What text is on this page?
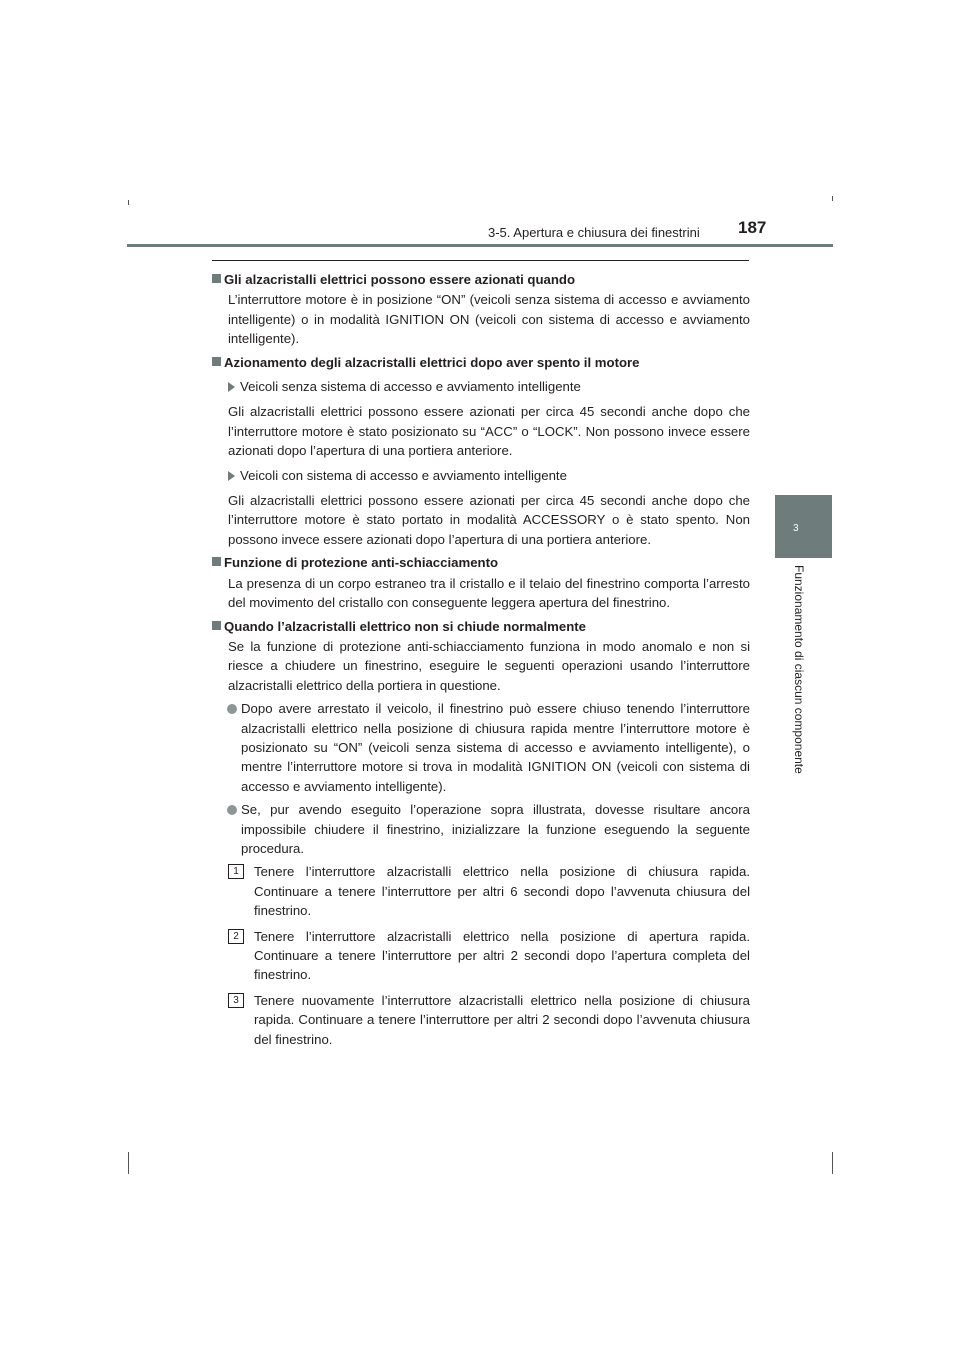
3-5. Apertura e chiusura dei finestrini 187
3
Funzionamento di ciascun componente
Gli alzacristalli elettrici possono essere azionati quando
L’interruttore motore è in posizione “ON” (veicoli senza sistema di accesso e avviamento intelligente) o in modalità IGNITION ON (veicoli con sistema di accesso e avviamento intelligente).
Azionamento degli alzacristalli elettrici dopo aver spento il motore
Veicoli senza sistema di accesso e avviamento intelligente
Gli alzacristalli elettrici possono essere azionati per circa 45 secondi anche dopo che l’interruttore motore è stato posizionato su “ACC” o “LOCK”. Non possono invece essere azionati dopo l’apertura di una portiera anteriore.
Veicoli con sistema di accesso e avviamento intelligente
Gli alzacristalli elettrici possono essere azionati per circa 45 secondi anche dopo che l’interruttore motore è stato portato in modalità ACCESSORY o è stato spento. Non possono invece essere azionati dopo l’apertura di una portiera anteriore.
Funzione di protezione anti-schiacciamento
La presenza di un corpo estraneo tra il cristallo e il telaio del finestrino comporta l’arresto del movimento del cristallo con conseguente leggera apertura del finestrino.
Quando l’alzacristalli elettrico non si chiude normalmente
Se la funzione di protezione anti-schiacciamento funziona in modo anomalo e non si riesce a chiudere un finestrino, eseguire le seguenti operazioni usando l’interruttore alzacristalli elettrico della portiera in questione.
Dopo avere arrestato il veicolo, il finestrino può essere chiuso tenendo l’interruttore alzacristalli elettrico nella posizione di chiusura rapida mentre l’interruttore motore è posizionato su “ON” (veicoli senza sistema di accesso e avviamento intelligente), o mentre l’interruttore motore si trova in modalità IGNITION ON (veicoli con sistema di accesso e avviamento intelligente).
Se, pur avendo eseguito l’operazione sopra illustrata, dovesse risultare ancora impossibile chiudere il finestrino, inizializzare la funzione eseguendo la seguente procedura.
1	Tenere l’interruttore alzacristalli elettrico nella posizione di chiusura rapida. Continuare a tenere l’interruttore per altri 6 secondi dopo l’avvenuta chiusura del finestrino.
2	Tenere l’interruttore alzacristalli elettrico nella posizione di apertura rapida. Continuare a tenere l’interruttore per altri 2 secondi dopo l’apertura completa del finestrino.
3	Tenere nuovamente l’interruttore alzacristalli elettrico nella posizione di chiusura rapida. Continuare a tenere l’interruttore per altri 2 secondi dopo l’avvenuta chiusura del finestrino.
